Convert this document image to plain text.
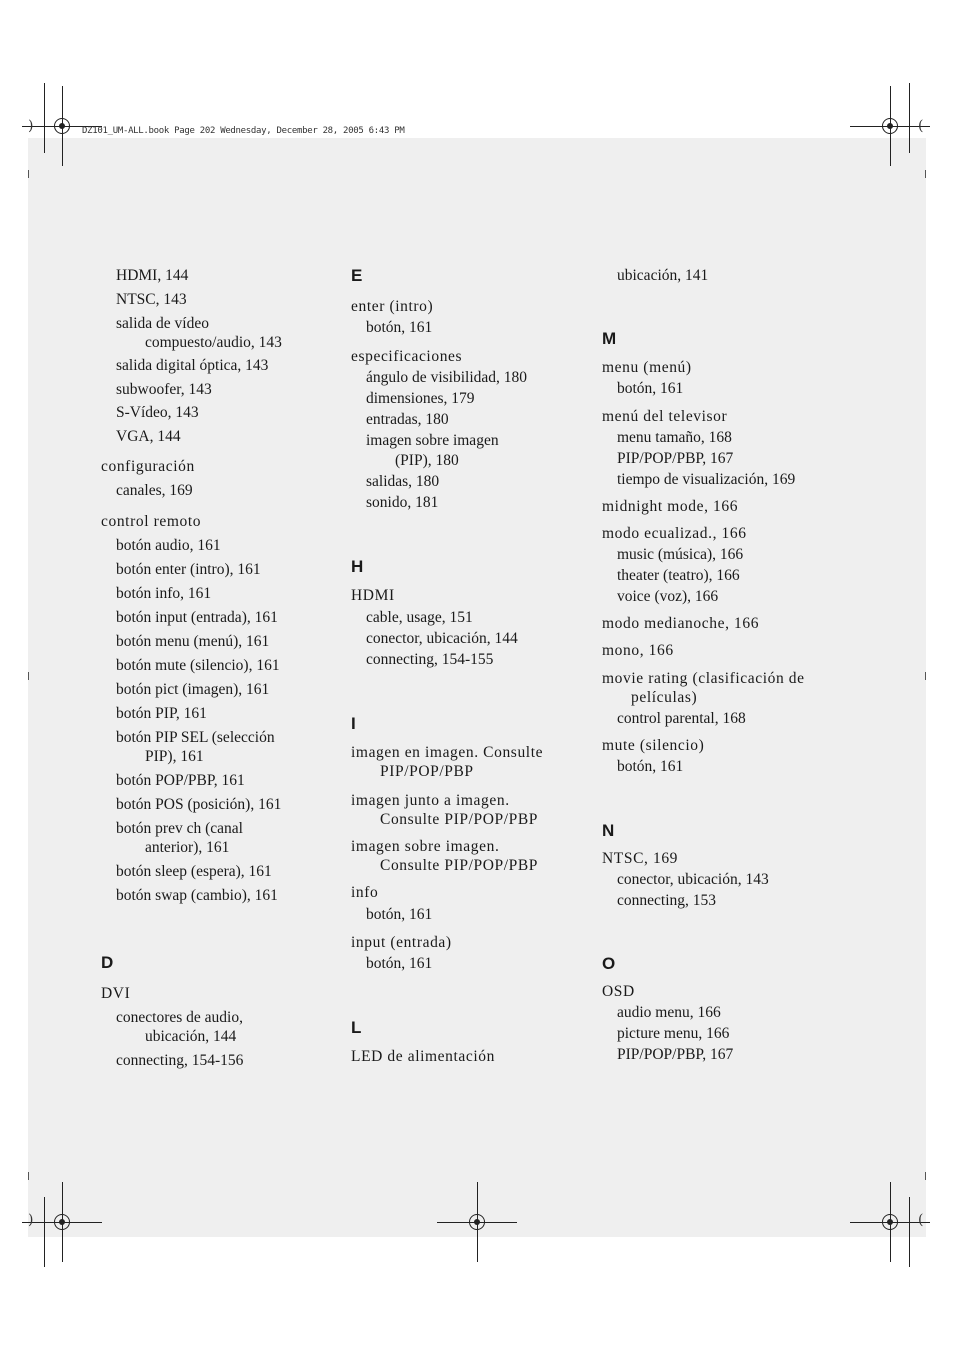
)	(
)	(
DZ101_UM-ALL.book Page 202 Wednesday, December 28, 2005 6:43 PM
HDMI, 144
NTSC, 143
salida de vídeo
compuesto/audio, 143
salida digital óptica, 143
subwoofer, 143
S-Vídeo, 143
VGA, 144
configuración
canales, 169
control remoto
botón audio, 161
botón enter (intro), 161
botón info, 161
botón input (entrada), 161
botón menu (menú), 161
botón mute (silencio), 161
botón pict (imagen), 161
botón PIP, 161
botón PIP SEL (selección
PIP), 161
botón POP/PBP, 161
botón POS (posición), 161
botón prev ch (canal
anterior), 161
botón sleep (espera), 161
botón swap (cambio), 161
D
DVI
conectores de audio,
ubicación, 144
connecting, 154-156
E
enter (intro)
botón, 161
especificaciones
ángulo de visibilidad, 180
dimensiones, 179
entradas, 180
imagen sobre imagen
(PIP), 180
salidas, 180
sonido, 181
H
HDMI
cable, usage, 151
conector, ubicación, 144
connecting, 154-155
I
imagen en imagen. Consulte
PIP/POP/PBP
imagen junto a imagen.
Consulte PIP/POP/PBP
imagen sobre imagen.
Consulte PIP/POP/PBP
info
botón, 161
input (entrada)
botón, 161
L
LED de alimentación
ubicación, 141
M
menu (menú)
botón, 161
menú del televisor
menu tamaño, 168
PIP/POP/PBP, 167
tiempo de visualización, 169
midnight mode, 166
modo ecualizad., 166
music (música), 166
theater (teatro), 166
voice (voz), 166
modo medianoche, 166
mono, 166
movie rating (clasificación de
películas)
control parental, 168
mute (silencio)
botón, 161
N
NTSC, 169
conector, ubicación, 143
connecting, 153
O
OSD
audio menu, 166
picture menu, 166
PIP/POP/PBP, 167
